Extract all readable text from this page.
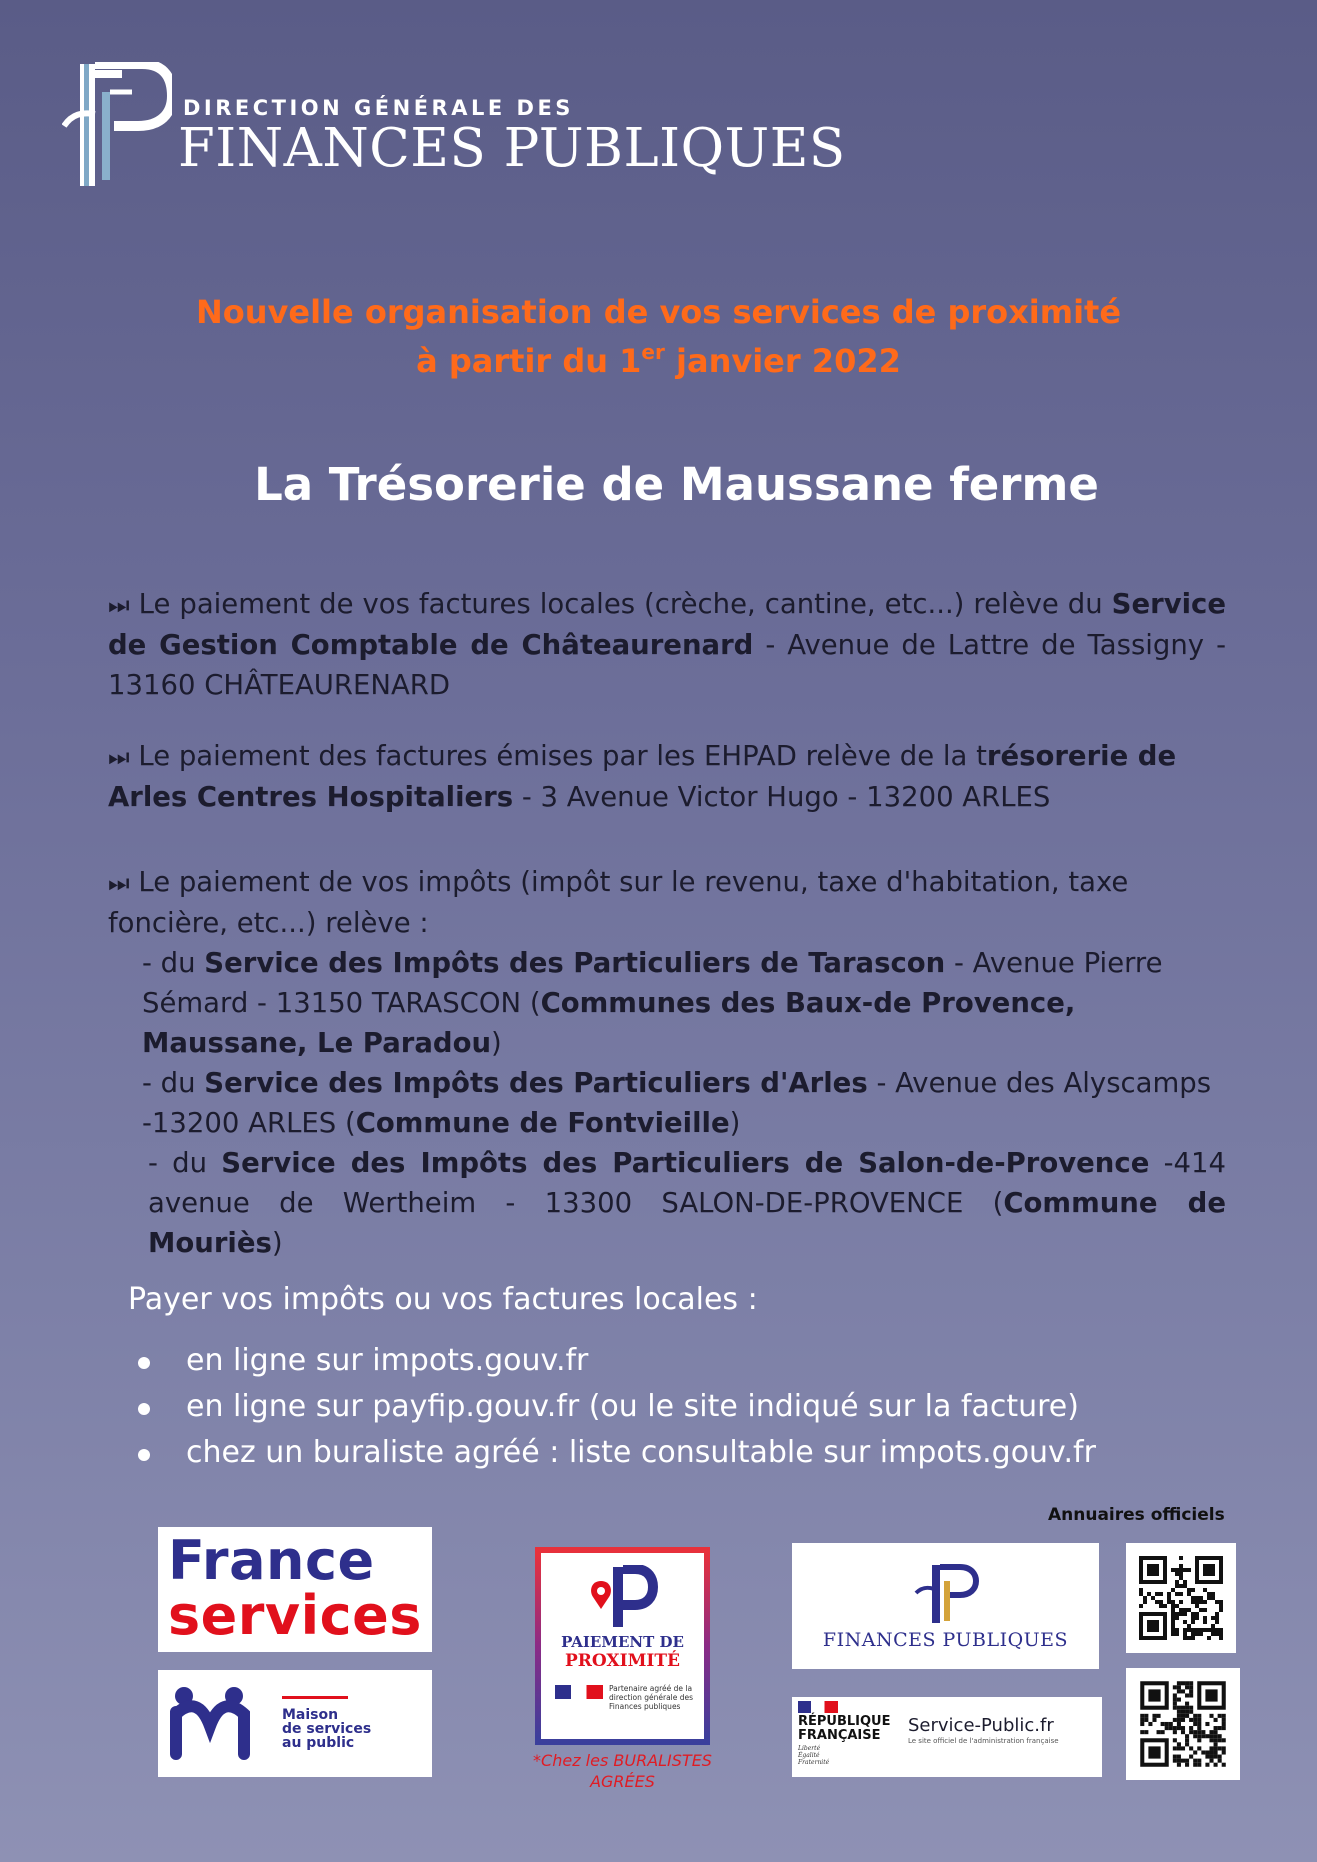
DIRECTION GÉNÉRALE DES
FINANCES PUBLIQUES
Nouvelle organisation de vos services de proximité
à partir du 1er janvier 2022
La Trésorerie de Maussane ferme
⏭ Le paiement de vos factures locales (crèche, cantine, etc...) relève du Service de Gestion Comptable de Châteaurenard - Avenue de Lattre de Tassigny - 13160 CHÂTEAURENARD
⏭ Le paiement des factures émises par les EHPAD relève de la trésorerie de Arles Centres Hospitaliers - 3 Avenue Victor Hugo - 13200 ARLES
⏭ Le paiement de vos impôts (impôt sur le revenu, taxe d'habitation, taxe foncière, etc...) relève :
- du Service des Impôts des Particuliers de Tarascon - Avenue Pierre Sémard - 13150 TARASCON (Communes des Baux-de Provence, Maussane, Le Paradou)
- du Service des Impôts des Particuliers d'Arles - Avenue des Alyscamps -13200 ARLES (Commune de Fontvieille)
- du Service des Impôts des Particuliers de Salon-de-Provence -414 avenue de Wertheim - 13300 SALON-DE-PROVENCE (Commune de Mouriès)
Payer vos impôts ou vos factures locales :
en ligne sur impots.gouv.fr
en ligne sur payfip.gouv.fr (ou le site indiqué sur la facture)
chez un buraliste agréé : liste consultable sur impots.gouv.fr
France
services
Maison
de services
au public
PAIEMENT DE
PROXIMITÉ
Partenaire agréé de la direction générale des Finances publiques
*Chez les BURALISTES AGRÉES
Annuaires officiels
FINANCES PUBLIQUES
RÉPUBLIQUE
FRANÇAISE
Liberté
Égalité
Fraternité
Service-Public.fr
Le site officiel de l'administration française
